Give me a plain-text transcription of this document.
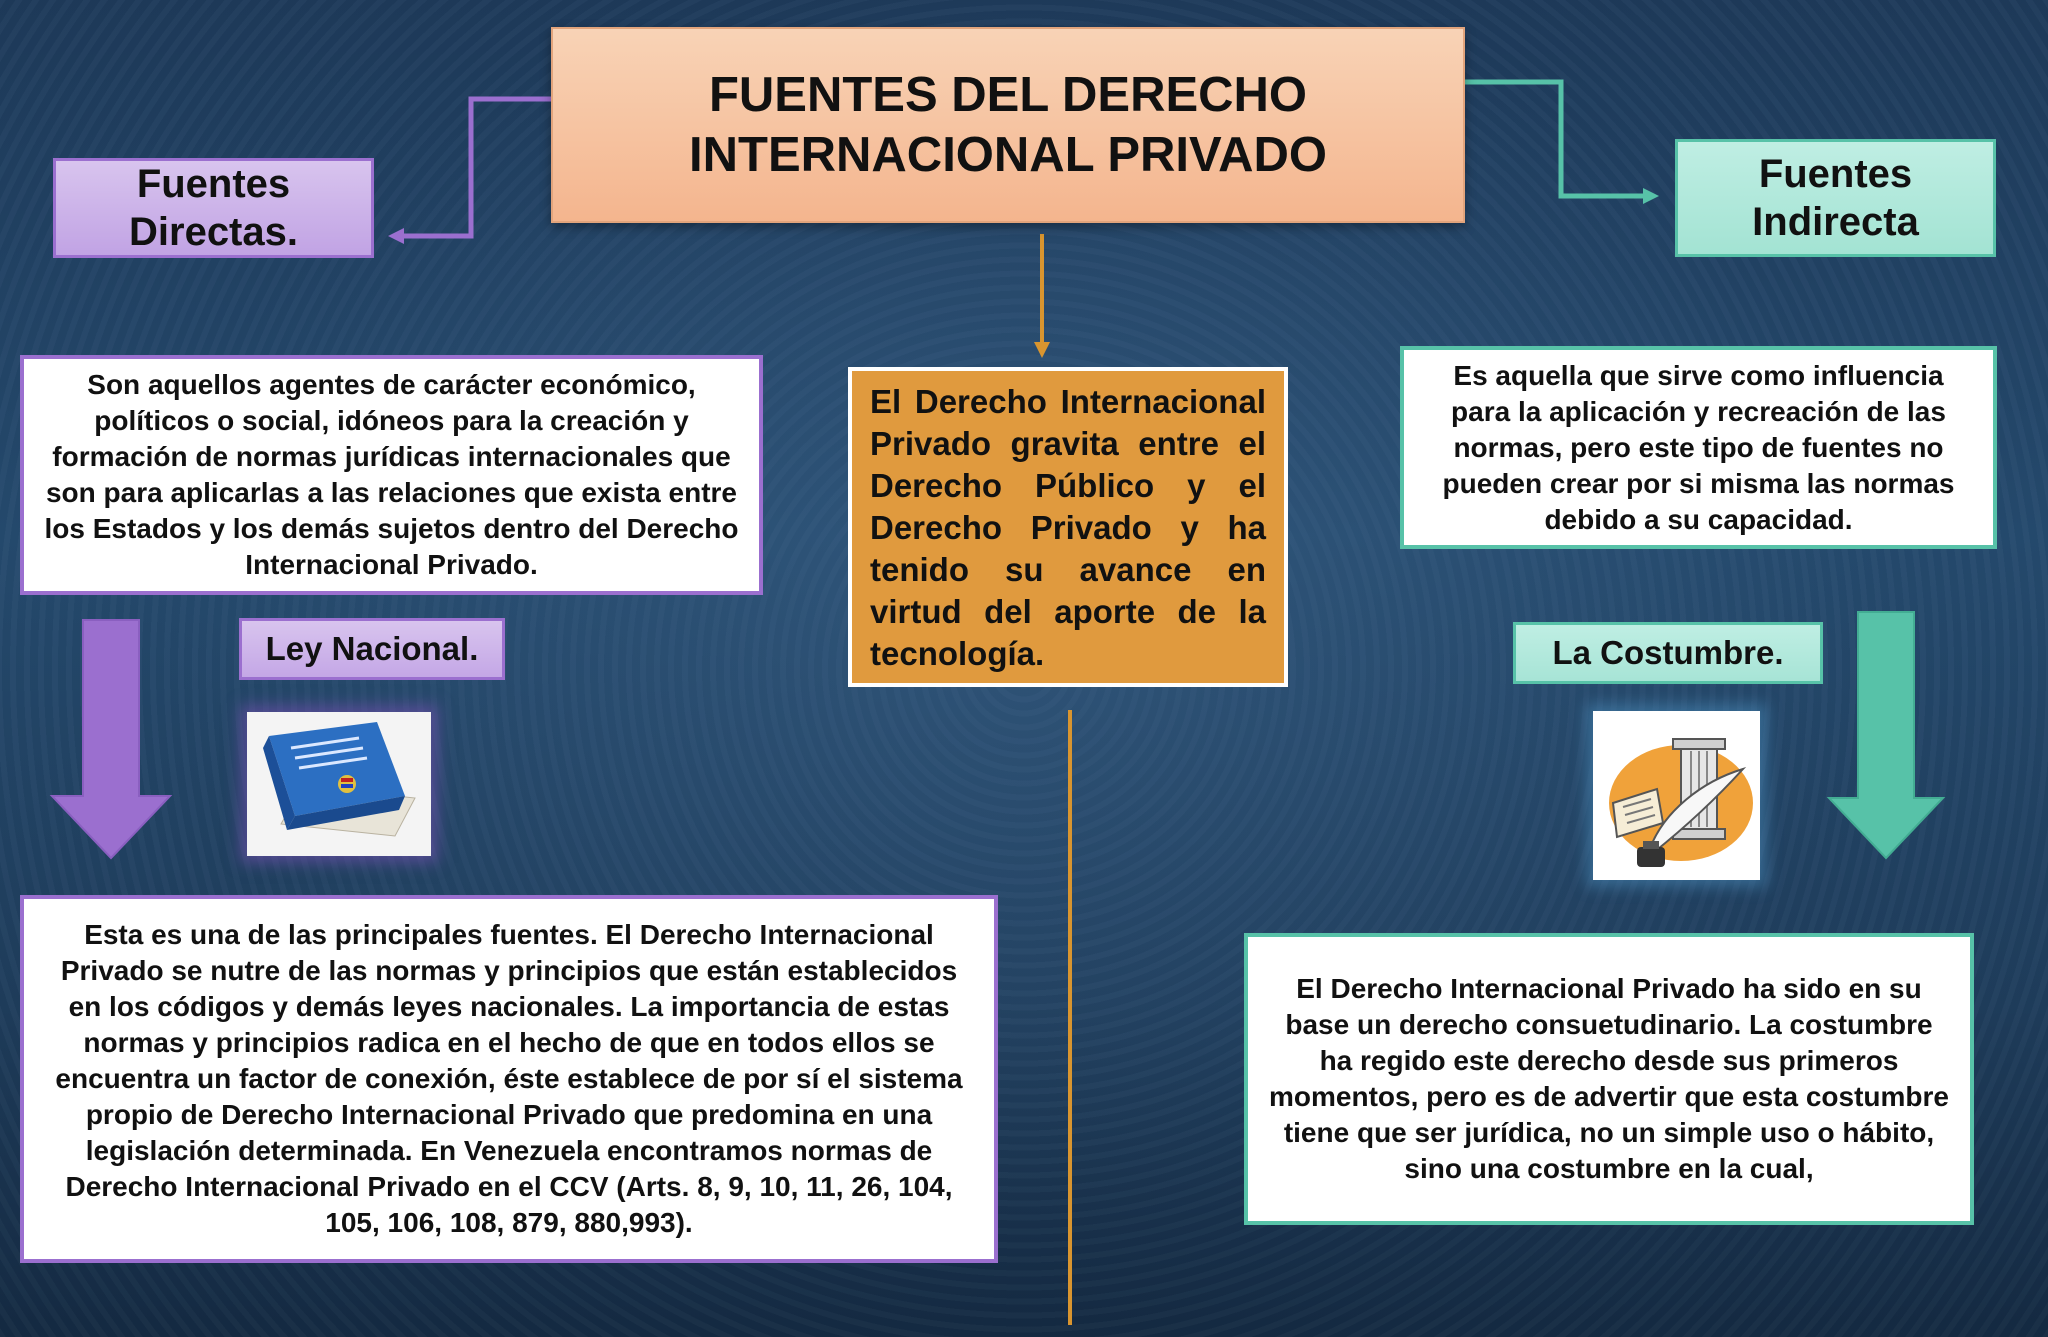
FUENTES DEL DERECHO INTERNACIONAL PRIVADO
Fuentes Directas.
Fuentes Indirecta
Son aquellos agentes de carácter económico, políticos o social, idóneos para la creación y formación de normas jurídicas internacionales que son para aplicarlas a las relaciones que exista entre los Estados y los demás sujetos dentro del Derecho Internacional Privado.
El Derecho Internacional Privado gravita entre el Derecho Público y el Derecho Privado y ha tenido su avance en virtud del aporte de la tecnología.
Es aquella que sirve como influencia para la aplicación y recreación de las normas, pero este tipo de fuentes no pueden crear por si misma las normas debido a su capacidad.
Ley Nacional.	La Costumbre.
Esta es una de las principales fuentes. El Derecho Internacional Privado se nutre de las normas y principios que están establecidos en los códigos y demás leyes nacionales. La importancia de estas normas y principios radica en el hecho de que en todos ellos se encuentra un factor de conexión, éste establece de por sí el sistema propio de Derecho Internacional Privado que predomina en una legislación determinada. En Venezuela encontramos normas de Derecho Internacional Privado en el CCV (Arts. 8, 9, 10, 11, 26, 104, 105, 106, 108, 879, 880,993).
El Derecho Internacional Privado ha sido en su base un derecho consuetudinario. La costumbre ha regido este derecho desde sus primeros momentos, pero es de advertir que esta costumbre tiene que ser jurídica, no un simple uso o hábito, sino una costumbre en la cual,
